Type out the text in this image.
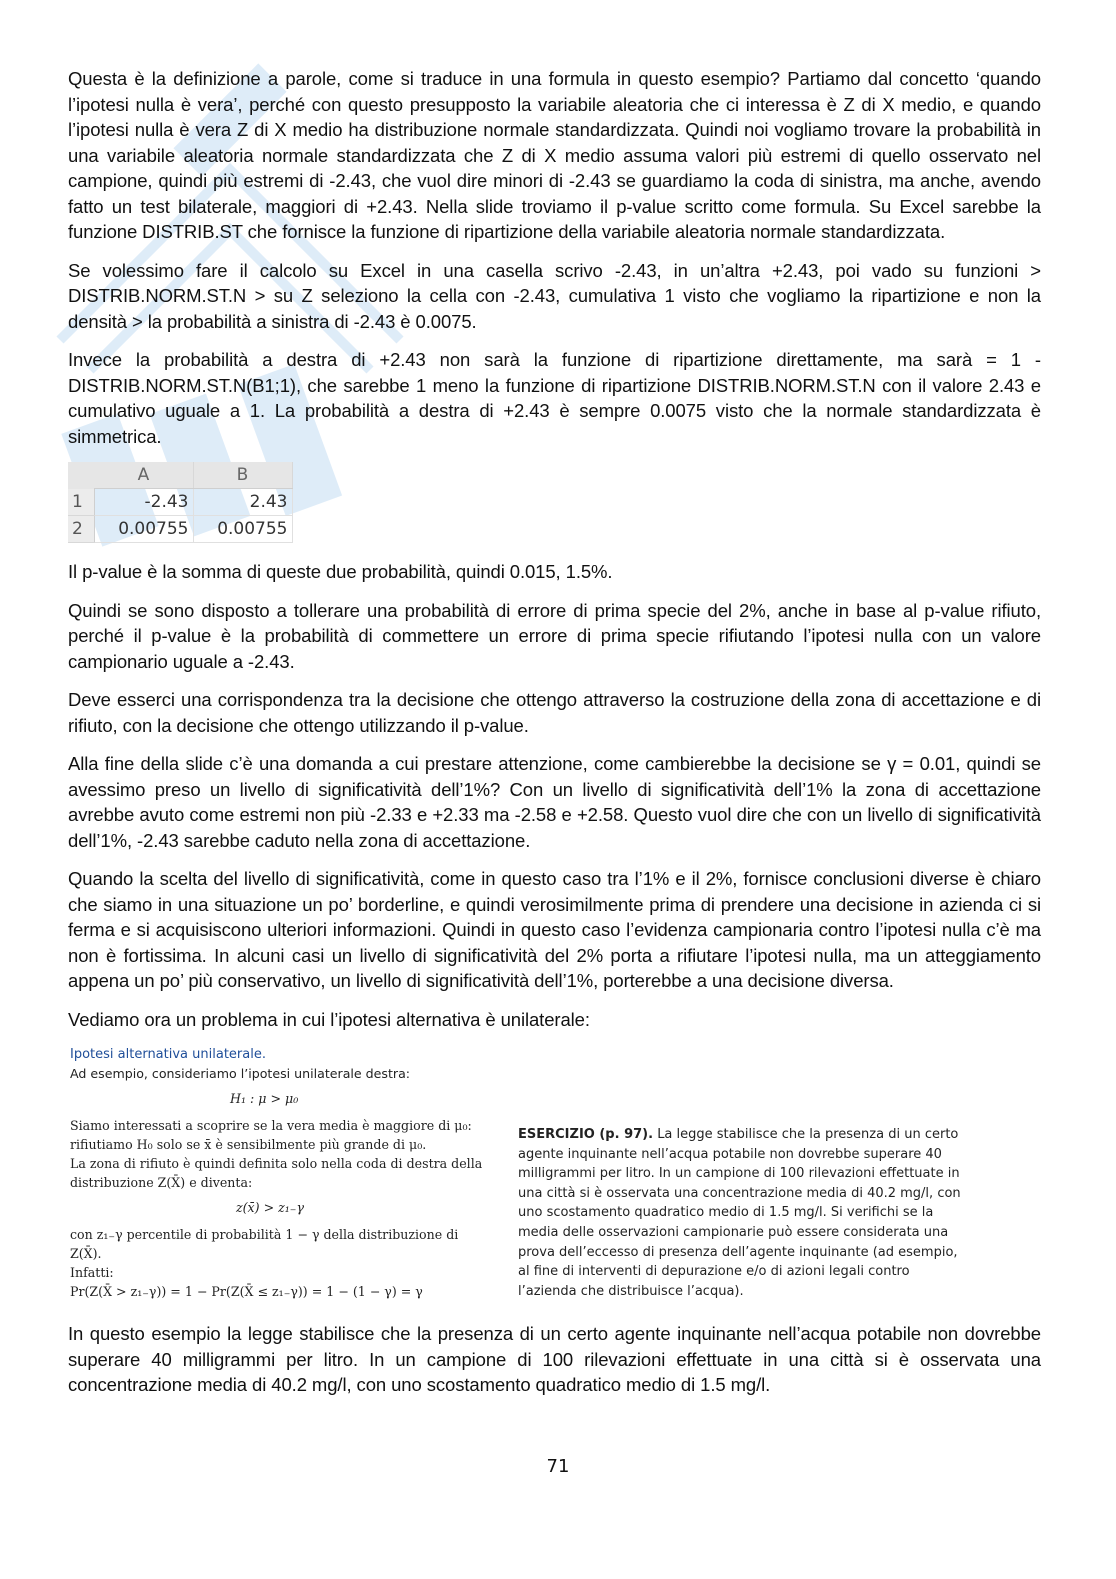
Questa è la definizione a parole, come si traduce in una formula in questo esempio? Partiamo dal concetto ‘quando l’ipotesi nulla è vera’, perché con questo presupposto la variabile aleatoria che ci interessa è Z di X medio, e quando l’ipotesi nulla è vera Z di X medio ha distribuzione normale standardizzata. Quindi noi vogliamo trovare la probabilità in una variabile aleatoria normale standardizzata che Z di X medio assuma valori più estremi di quello osservato nel campione, quindi più estremi di -2.43, che vuol dire minori di -2.43 se guardiamo la coda di sinistra, ma anche, avendo fatto un test bilaterale, maggiori di +2.43. Nella slide troviamo il p-value scritto come formula. Su Excel sarebbe la funzione DISTRIB.ST che fornisce la funzione di ripartizione della variabile aleatoria normale standardizzata.

Se volessimo fare il calcolo su Excel in una casella scrivo -2.43, in un’altra +2.43, poi vado su funzioni > DISTRIB.NORM.ST.N > su Z seleziono la cella con -2.43, cumulativa 1 visto che vogliamo la ripartizione e non la densità > la probabilità a sinistra di -2.43 è 0.0075.

Invece la probabilità a destra di +2.43 non sarà la funzione di ripartizione direttamente, ma sarà = 1 - DISTRIB.NORM.ST.N(B1;1), che sarebbe 1 meno la funzione di ripartizione DISTRIB.NORM.ST.N con il valore 2.43 e cumulativo uguale a 1. La probabilità a destra di +2.43 è sempre 0.0075 visto che la normale standardizzata è simmetrica.

	A	B
1	-2.43	2.43
2	0.00755	0.00755

Il p-value è la somma di queste due probabilità, quindi 0.015, 1.5%.

Quindi se sono disposto a tollerare una probabilità di errore di prima specie del 2%, anche in base al p-value rifiuto, perché il p-value è la probabilità di commettere un errore di prima specie rifiutando l’ipotesi nulla con un valore campionario uguale a -2.43.

Deve esserci una corrispondenza tra la decisione che ottengo attraverso la costruzione della zona di accettazione e di rifiuto, con la decisione che ottengo utilizzando il p-value.

Alla fine della slide c’è una domanda a cui prestare attenzione, come cambierebbe la decisione se γ = 0.01, quindi se avessimo preso un livello di significatività dell’1%? Con un livello di significatività dell’1% la zona di accettazione avrebbe avuto come estremi non più -2.33 e +2.33 ma -2.58 e +2.58. Questo vuol dire che con un livello di significatività dell’1%, -2.43 sarebbe caduto nella zona di accettazione.

Quando la scelta del livello di significatività, come in questo caso tra l’1% e il 2%, fornisce conclusioni diverse è chiaro che siamo in una situazione un po’ borderline, e quindi verosimilmente prima di prendere una decisione in azienda ci si ferma e si acquisiscono ulteriori informazioni. Quindi in questo caso l’evidenza campionaria contro l’ipotesi nulla c’è ma non è fortissima. In alcuni casi un livello di significatività del 2% porta a rifiutare l’ipotesi nulla, ma un atteggiamento appena un po’ più conservativo, un livello di significatività dell’1%, porterebbe a una decisione diversa.

Vediamo ora un problema in cui l’ipotesi alternativa è unilaterale:

Ipotesi alternativa unilaterale.
Ad esempio, consideriamo l’ipotesi unilaterale destra:
H₁ : μ > μ₀
Siamo interessati a scoprire se la vera media è maggiore di μ₀:
rifiutiamo H₀ solo se x̄ è sensibilmente più grande di μ₀.
La zona di rifiuto è quindi definita solo nella coda di destra della
distribuzione Z(X̄) e diventa:
z(x̄) > z₁₋γ
con z₁₋γ percentile di probabilità 1 − γ della distribuzione di Z(X̄).
Infatti:
Pr(Z(X̄ > z₁₋γ)) = 1 − Pr(Z(X̄ ≤ z₁₋γ)) = 1 − (1 − γ) = γ
ESERCIZIO (p. 97). La legge stabilisce che la presenza di un certo agente inquinante nell’acqua potabile non dovrebbe superare 40 milligrammi per litro. In un campione di 100 rilevazioni effettuate in una città si è osservata una concentrazione media di 40.2 mg/l, con uno scostamento quadratico medio di 1.5 mg/l. Si verifichi se la media delle osservazioni campionarie può essere considerata una prova dell’eccesso di presenza dell’agente inquinante (ad esempio, al fine di interventi di depurazione e/o di azioni legali contro l’azienda che distribuisce l’acqua).

In questo esempio la legge stabilisce che la presenza di un certo agente inquinante nell’acqua potabile non dovrebbe superare 40 milligrammi per litro. In un campione di 100 rilevazioni effettuate in una città si è osservata una concentrazione media di 40.2 mg/l, con uno scostamento quadratico medio di 1.5 mg/l.

71
